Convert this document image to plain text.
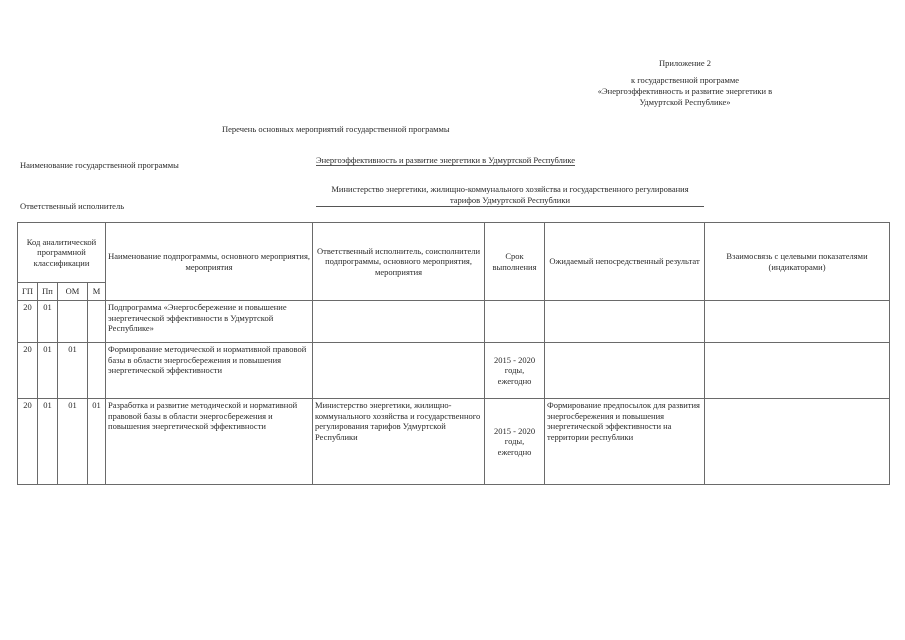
Приложение 2
к государственной программе
«Энергоэффективность и развитие энергетики в
Удмуртской Республике»
Перечень основных мероприятий государственной программы
Наименование государственной программы	Энергоэффективность и развитие энергетики в Удмуртской Республике
Ответственный исполнитель
Министерство энергетики, жилищно-коммунального хозяйства и государственного регулирования тарифов Удмуртской Республики
Код аналитической программной классификации				Наименование подпрограммы, основного мероприятия, мероприятия	Ответственный исполнитель, соисполнители подпрограммы, основного мероприятия, мероприятия	Срок выполнения	Ожидаемый непосредственный результат	Взаимосвязь с целевыми показателями (индикаторами)
ГП	Пп	ОМ	М					
20	01			Подпрограмма «Энергосбережение и повышение энергетической эффективности в Удмуртской Республике»				
20	01	01		Формирование методической и нормативной правовой базы в области энергосбережения и повышения энергетической эффективности		2015 - 2020 годы, ежегодно		
20	01	01	01	Разработка и развитие методической и нормативной правовой базы в области энергосбережения и повышения энергетической эффективности	Министерство энергетики, жилищно-коммунального хозяйства и государственного регулирования тарифов Удмуртской Республики	2015 - 2020 годы, ежегодно	Формирование предпосылок для развития энергосбережения и повышения энергетической эффективности на территории республики	
